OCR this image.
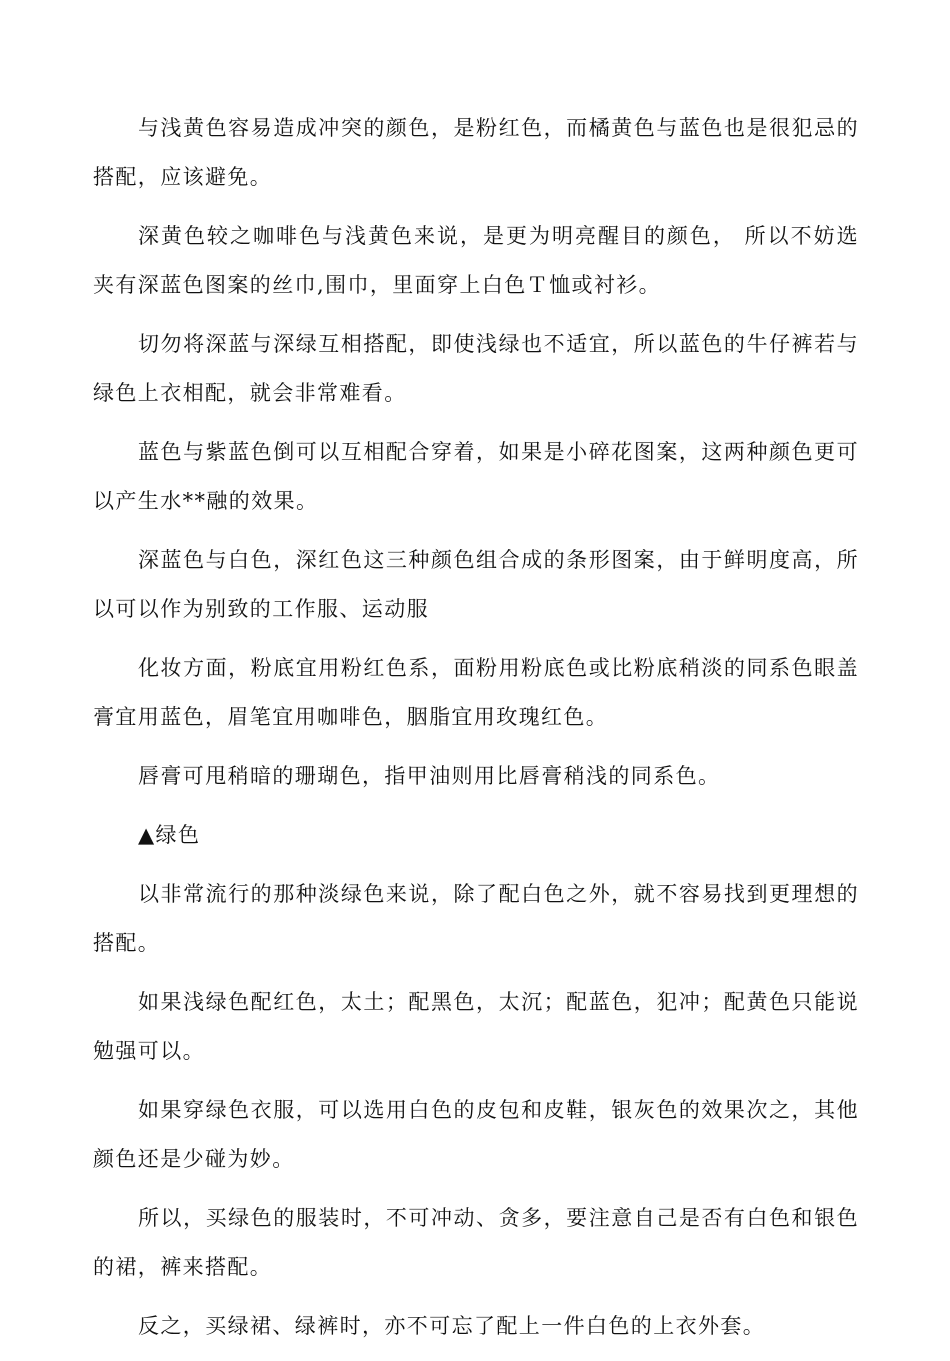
与浅黄色容易造成冲突的颜色，是粉红色，而橘黄色与蓝色也是很犯忌的搭配，应该避免。

深黄色较之咖啡色与浅黄色来说，是更为明亮醒目的颜色， 所以不妨选夹有深蓝色图案的丝巾,围巾，里面穿上白色Ｔ恤或衬衫。

切勿将深蓝与深绿互相搭配，即使浅绿也不适宜，所以蓝色的牛仔裤若与绿色上衣相配，就会非常难看。

蓝色与紫蓝色倒可以互相配合穿着，如果是小碎花图案，这两种颜色更可以产生水**融的效果。

深蓝色与白色，深红色这三种颜色组合成的条形图案，由于鲜明度高，所以可以作为别致的工作服、运动服

化妆方面，粉底宜用粉红色系，面粉用粉底色或比粉底稍淡的同系色眼盖膏宜用蓝色，眉笔宜用咖啡色，胭脂宜用玫瑰红色。

唇膏可甩稍暗的珊瑚色，指甲油则用比唇膏稍浅的同系色。

▲绿色

以非常流行的那种淡绿色来说，除了配白色之外，就不容易找到更理想的搭配。

如果浅绿色配红色，太土；配黑色，太沉；配蓝色，犯冲；配黄色只能说勉强可以。

如果穿绿色衣服，可以选用白色的皮包和皮鞋，银灰色的效果次之，其他颜色还是少碰为妙。

所以，买绿色的服装时，不可冲动、贪多，要注意自己是否有白色和银色的裙，裤来搭配。

反之，买绿裙、绿裤时，亦不可忘了配上一件白色的上衣外套。
